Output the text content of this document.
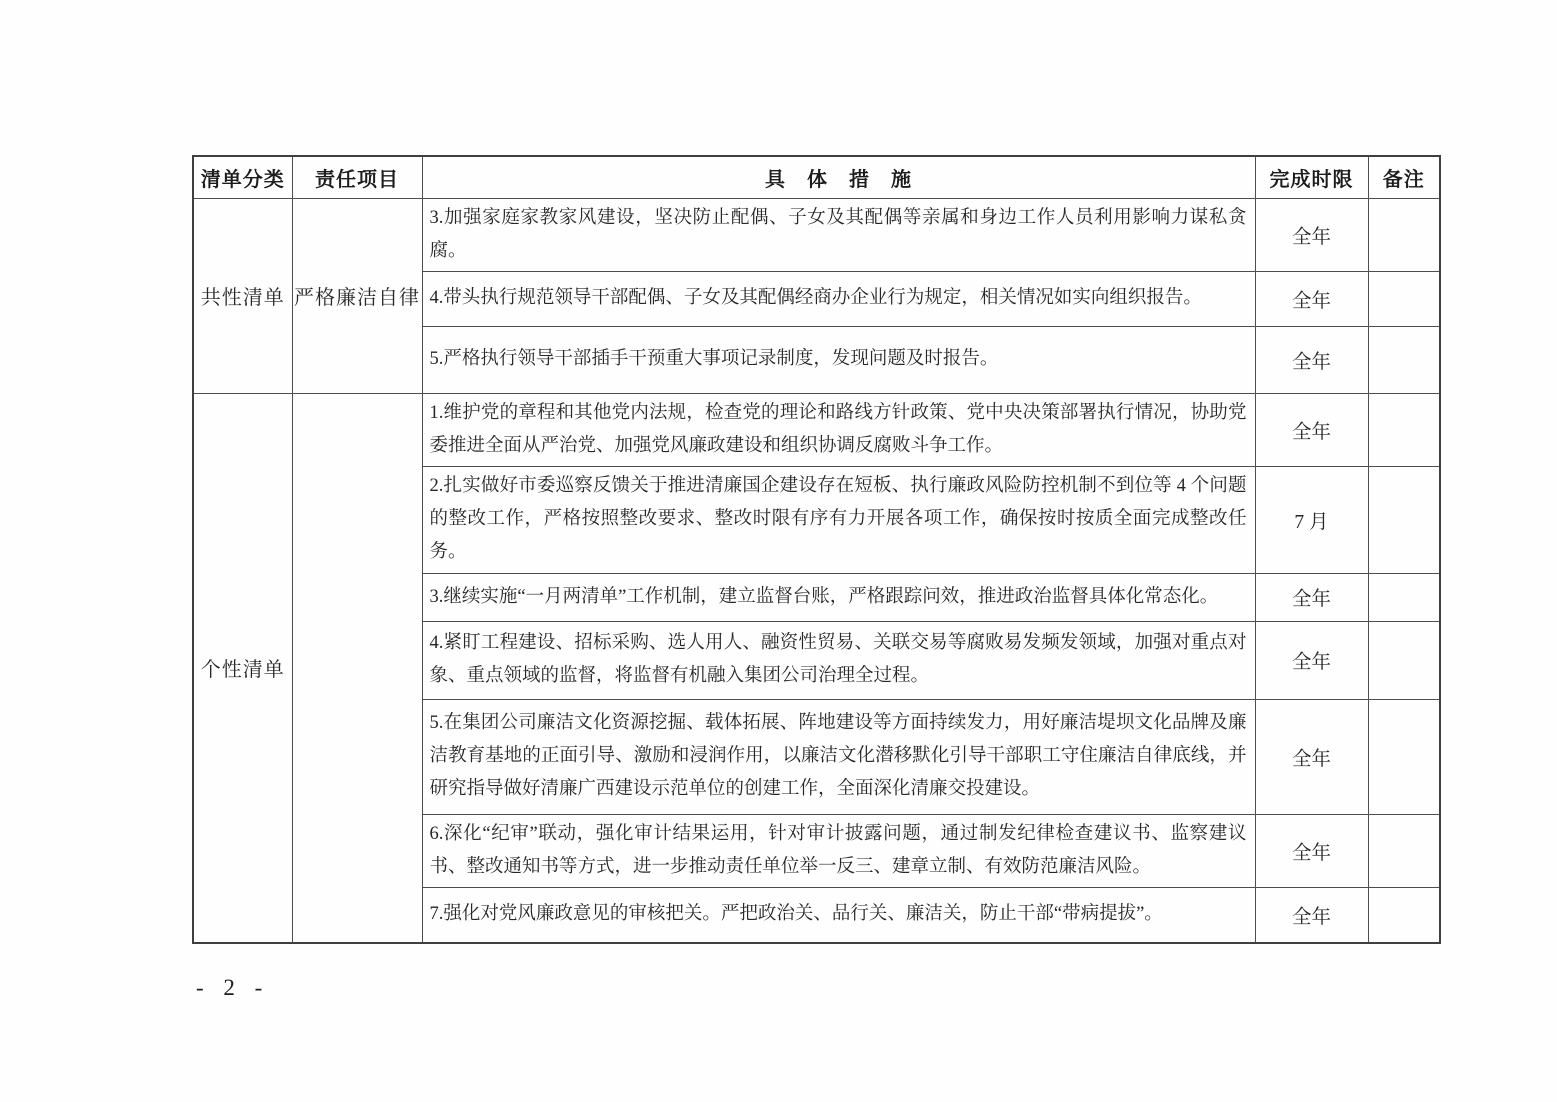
清单分类	责任项目	具　体　措　施	完成时限	备注
共性清单	严格廉洁自律	3.加强家庭家教家风建设，坚决防止配偶、子女及其配偶等亲属和身边工作人员利用影响力谋私贪腐。	全年	
		4.带头执行规范领导干部配偶、子女及其配偶经商办企业行为规定，相关情况如实向组织报告。	全年	
		5.严格执行领导干部插手干预重大事项记录制度，发现问题及时报告。	全年	
个性清单		1.维护党的章程和其他党内法规，检查党的理论和路线方针政策、党中央决策部署执行情况，协助党委推进全面从严治党、加强党风廉政建设和组织协调反腐败斗争工作。	全年	
		2.扎实做好市委巡察反馈关于推进清廉国企建设存在短板、执行廉政风险防控机制不到位等 4 个问题的整改工作，严格按照整改要求、整改时限有序有力开展各项工作，确保按时按质全面完成整改任务。	7 月	
		3.继续实施“一月两清单”工作机制，建立监督台账，严格跟踪问效，推进政治监督具体化常态化。	全年	
		4.紧盯工程建设、招标采购、选人用人、融资性贸易、关联交易等腐败易发频发领域，加强对重点对象、重点领域的监督，将监督有机融入集团公司治理全过程。	全年	
		5.在集团公司廉洁文化资源挖掘、载体拓展、阵地建设等方面持续发力，用好廉洁堤坝文化品牌及廉洁教育基地的正面引导、激励和浸润作用，以廉洁文化潜移默化引导干部职工守住廉洁自律底线，并研究指导做好清廉广西建设示范单位的创建工作，全面深化清廉交投建设。	全年	
		6.深化“纪审”联动，强化审计结果运用，针对审计披露问题，通过制发纪律检查建议书、监察建议书、整改通知书等方式，进一步推动责任单位举一反三、建章立制、有效防范廉洁风险。	全年	
		7.强化对党风廉政意见的审核把关。严把政治关、品行关、廉洁关，防止干部“带病提拔”。	全年	
- 2 -
